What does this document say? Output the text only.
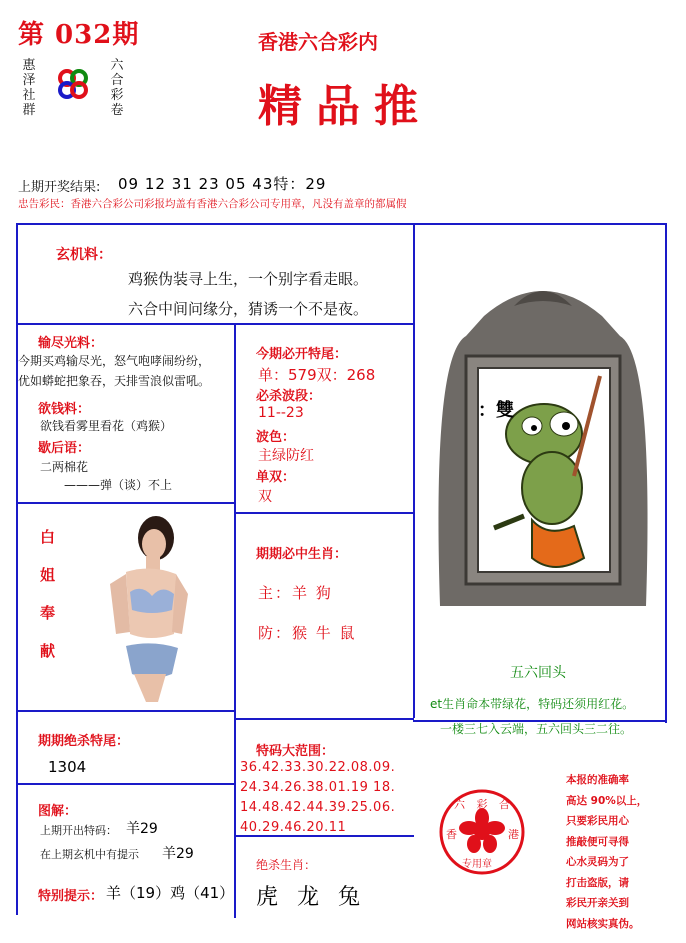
第 032期
惠泽社群
六合彩卷
香港六合彩内
精品推
上期开奖结果: 09 12 31 23 05 43特：29
忠告彩民：香港六合彩公司彩报均盖有香港六合彩公司专用章，凡没有盖章的都属假
玄机料：
鸡猴伪装寻上生，一个别字看走眼。
六合中间问缘分，猜诱一个不是夜。
输尽光料：
今期买鸡输尽光，怒气咆哮闹纷纷，
优如蟒蛇把象吞，天排雪浪似雷吼。
欲钱料：
欲钱看雾里看花（鸡猴）
歇后语：
二两棉花
———弹（谈）不上
今期必开特尾：
单：579双：268
必杀波段：
11--23
波色：
主绿防红
单双：
双
白姐奉献
期期必中生肖：
主：羊 狗
防：猴 牛 鼠
：雙
五六回头
et生肖命本带绿花，特码还须用红花。
一楼三七入云端，五六回头三二往。
期期绝杀特尾：
1304
特码大范围：
36.42.33.30.22.08.09.
24.34.26.38.01.19 18.
14.48.42.44.39.25.06.
40.29.46.20.11
图解：
上期开出特码： 羊29
在上期玄机中有提示 羊29
特别提示： 羊（19）鸡（41）
绝杀生肖：
虎 龙 兔
六 彩 合
香	港
专用章
本报的准确率
高达 90%以上，
只要彩民用心
推敲便可寻得
心水灵码为了
打击盗版，请
彩民开亲关到
网站核实真伪。
